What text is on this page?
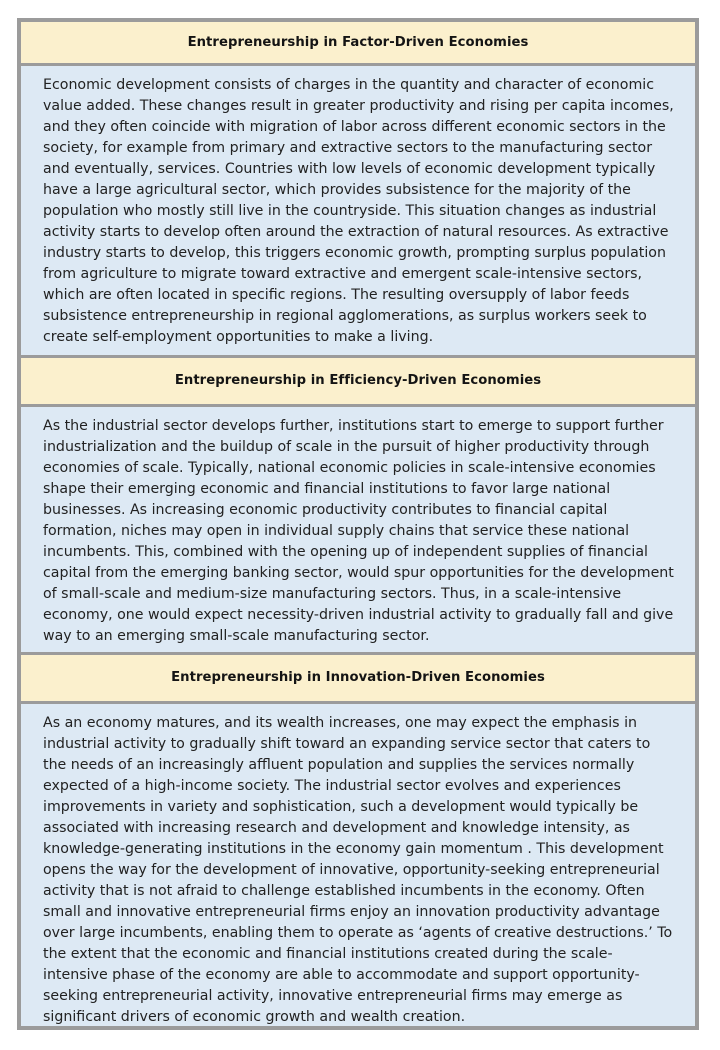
Entrepreneurship in Factor-Driven Economies
Economic development consists of charges in the quantity and character of economic value added. These changes result in greater productivity and rising per capita incomes, and they often coincide with migration of labor across different economic sectors in the society, for example from primary and extractive sectors to the manufacturing sector and eventually, services. Countries with low levels of economic development typically have a large agricultural sector, which provides subsistence for the majority of the population who mostly still live in the countryside. This situation changes as industrial activity starts to develop often around the extraction of natural resources. As extractive industry starts to develop, this triggers economic growth, prompting surplus population from agriculture to migrate toward extractive and emergent scale-intensive sectors, which are often located in specific regions. The resulting oversupply of labor feeds subsistence entrepreneurship in regional agglomerations, as surplus workers seek to create self-employment opportunities to make a living.
Entrepreneurship in Efficiency-Driven Economies
As the industrial sector develops further, institutions start to emerge to support further industrialization and the buildup of scale in the pursuit of higher productivity through economies of scale. Typically, national economic policies in scale-intensive economies shape their emerging economic and financial institutions to favor large national businesses. As increasing economic productivity contributes to financial capital formation, niches may open in individual supply chains that service these national incumbents. This, combined with the opening up of independent supplies of financial capital from the emerging banking sector, would spur opportunities for the development of small-scale and medium-size manufacturing sectors. Thus, in a scale-intensive economy, one would expect necessity-driven industrial activity to gradually fall and give way to an emerging small-scale manufacturing sector.
Entrepreneurship in Innovation-Driven Economies
As an economy matures, and its wealth increases, one may expect the emphasis in industrial activity to gradually shift toward an expanding service sector that caters to the needs of an increasingly affluent population and supplies the services normally expected of a high-income society. The industrial sector evolves and experiences improvements in variety and sophistication, such a development would typically be associated with increasing research and development and knowledge intensity, as knowledge-generating institutions in the economy gain momentum . This development opens the way for the development of innovative, opportunity-seeking entrepreneurial activity that is not afraid to challenge established incumbents in the economy. Often small and innovative entrepreneurial firms enjoy an innovation productivity advantage over large incumbents, enabling them to operate as ‘agents of creative destructions.’ To the extent that the economic and financial institutions created during the scale-intensive phase of the economy are able to accommodate and support opportunity-seeking entrepreneurial activity, innovative entrepreneurial firms may emerge as significant drivers of economic growth and wealth creation.
